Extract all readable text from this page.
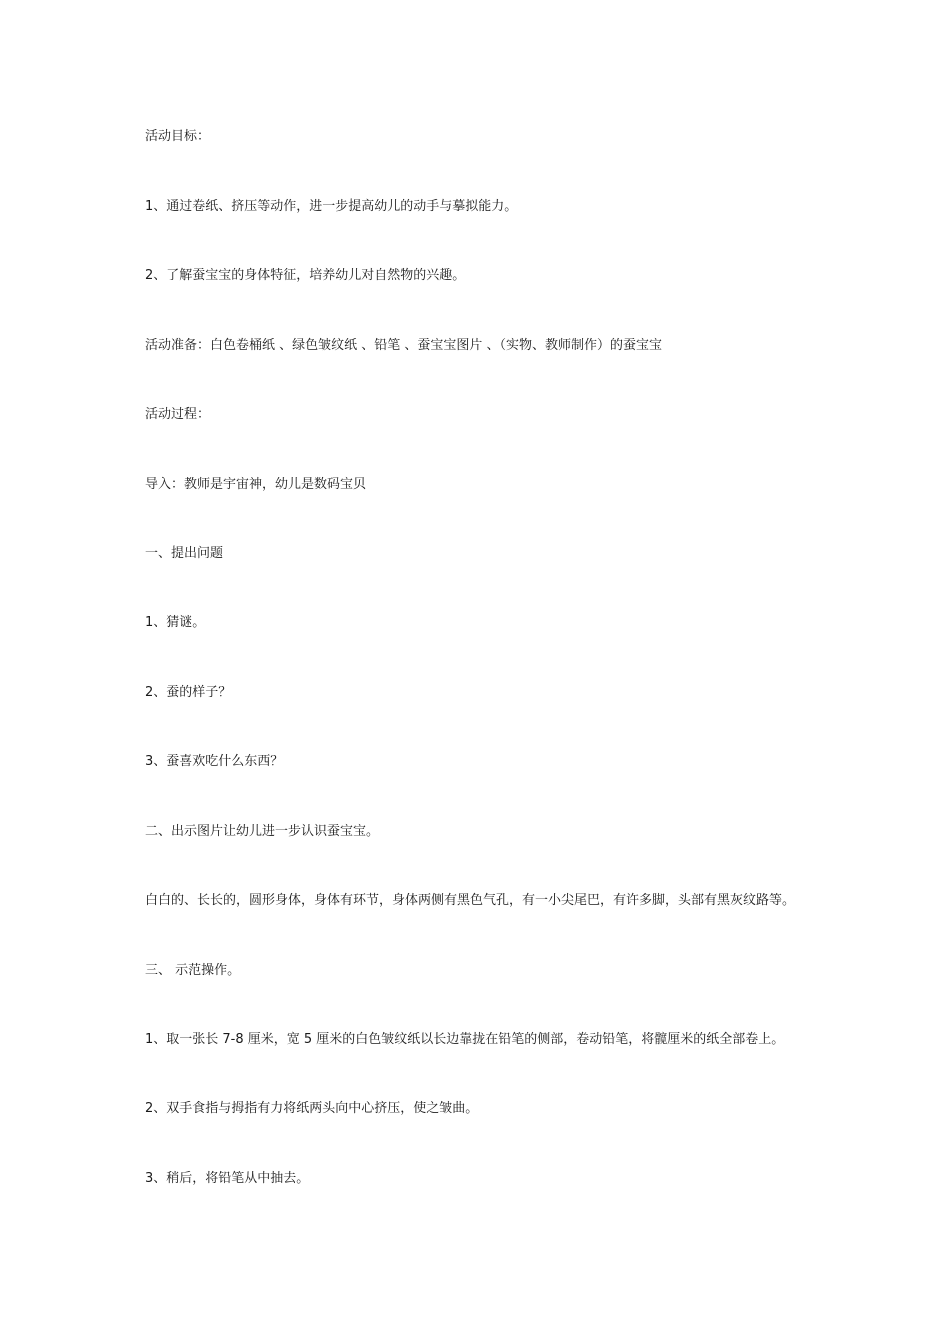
活动目标：
1、通过卷纸、挤压等动作，进一步提高幼儿的动手与摹拟能力。
2、了解蚕宝宝的身体特征，培养幼儿对自然物的兴趣。
活动准备：白色卷桶纸 、绿色皱纹纸 、铅笔 、蚕宝宝图片 、（实物、教师制作）的蚕宝宝
活动过程：
导入：教师是宇宙神，幼儿是数码宝贝
一、提出问题
1、猜谜。
2、蚕的样子？
3、蚕喜欢吃什么东西？
二、出示图片让幼儿进一步认识蚕宝宝。
白白的、长长的，圆形身体，身体有环节，身体两侧有黑色气孔，有一小尖尾巴，有许多脚，头部有黑灰纹路等。
三、 示范操作。
1、取一张长 7-8 厘米，宽 5 厘米的白色皱纹纸以长边靠拢在铅笔的侧部，卷动铅笔，将髋厘米的纸全部卷上。
2、双手食指与拇指有力将纸两头向中心挤压，使之皱曲。
3、稍后，将铅笔从中抽去。
